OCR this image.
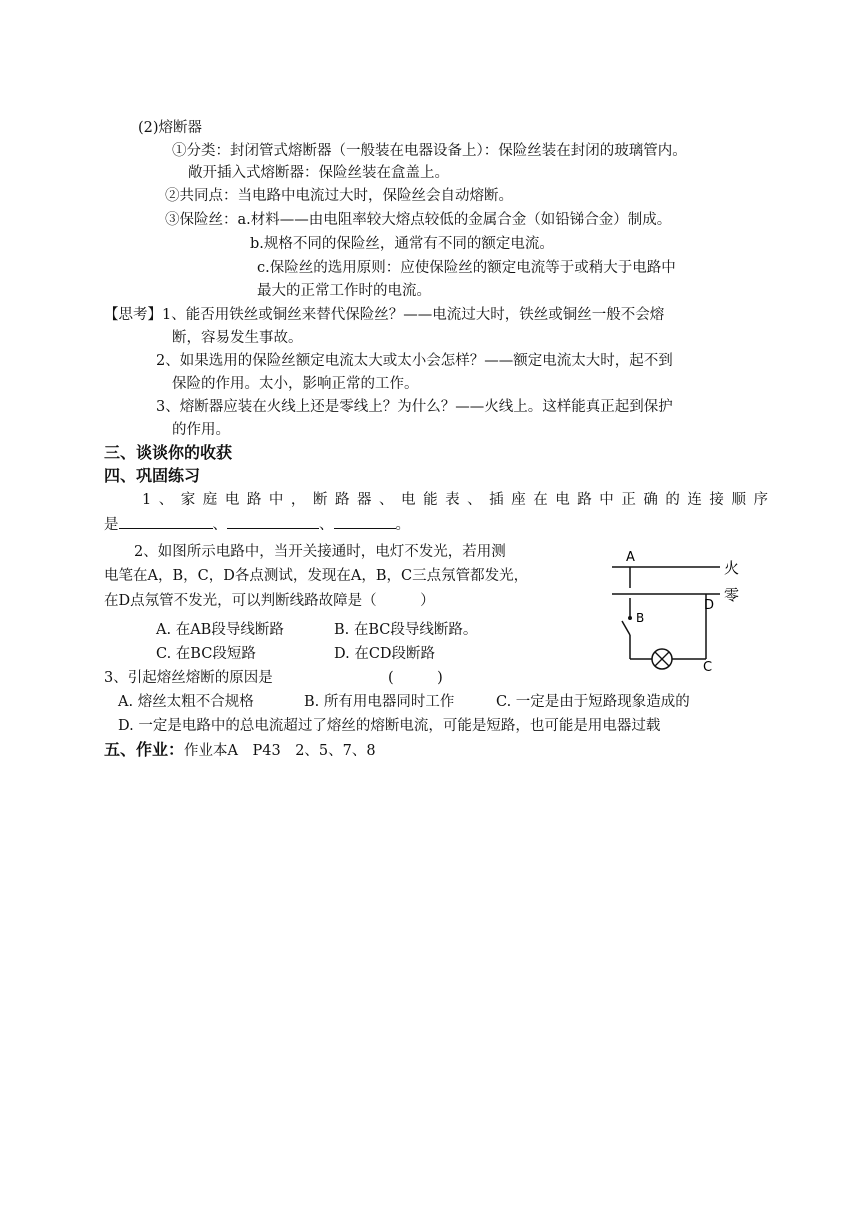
(2)熔断器
①分类：封闭管式熔断器（一般装在电器设备上）：保险丝装在封闭的玻璃管内。
敞开插入式熔断器：保险丝装在盒盖上。
②共同点：当电路中电流过大时，保险丝会自动熔断。
③保险丝：a.材料——由电阻率较大熔点较低的金属合金（如铅锑合金）制成。
b.规格不同的保险丝，通常有不同的额定电流。
c.保险丝的选用原则：应使保险丝的额定电流等于或稍大于电路中
最大的正常工作时的电流。
【思考】1、能否用铁丝或铜丝来替代保险丝？——电流过大时，铁丝或铜丝一般不会熔
断，容易发生事故。
2、如果选用的保险丝额定电流太大或太小会怎样？——额定电流太大时，起不到
保险的作用。太小，影响正常的工作。
3、熔断器应装在火线上还是零线上？为什么？——火线上。这样能真正起到保护
的作用。
三、谈谈你的收获
四、巩固练习
1、家庭电路中，断路器、电能表、插座在电路中正确的连接顺序
是	、	、	。
2、如图所示电路中，当开关接通时，电灯不发光，若用测
电笔在A，B，C，D各点测试，发现在A，B，C三点氖管都发光，
在D点氖管不发光，可以判断线路故障是（　　　）
A. 在AB段导线断路	B. 在BC段导线断路。
C. 在BC段短路	D. 在CD段断路
A
B
C
D
火
零
3、引起熔丝熔断的原因是	(　　　)
A. 熔丝太粗不合规格	B. 所有用电器同时工作	C. 一定是由于短路现象造成的
D. 一定是电路中的总电流超过了熔丝的熔断电流，可能是短路，也可能是用电器过载
五、作业：作业本A　P43　2、5、7、8
